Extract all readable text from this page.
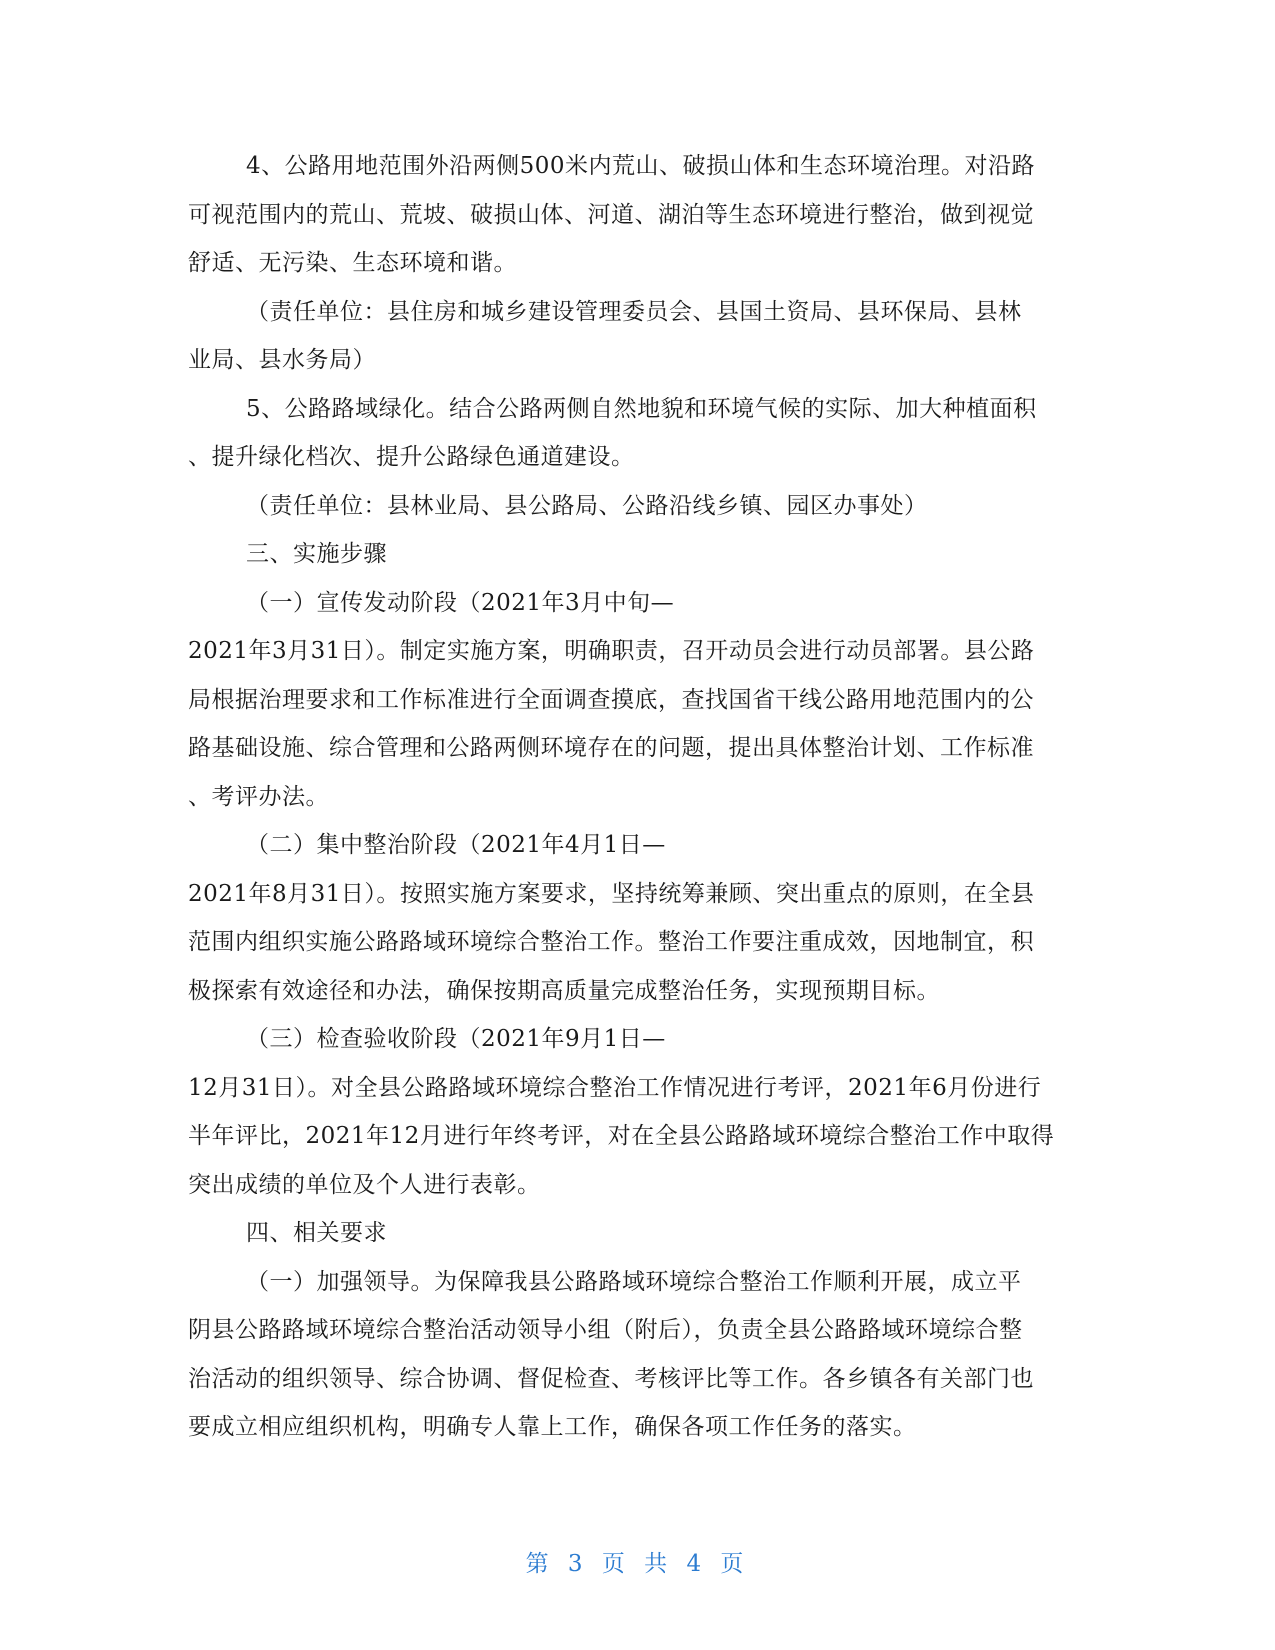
4、公路用地范围外沿两侧500米内荒山、破损山体和生态环境治理。对沿路
可视范围内的荒山、荒坡、破损山体、河道、湖泊等生态环境进行整治，做到视觉
舒适、无污染、生态环境和谐。
（责任单位：县住房和城乡建设管理委员会、县国土资局、县环保局、县林
业局、县水务局）
5、公路路域绿化。结合公路两侧自然地貌和环境气候的实际、加大种植面积
、提升绿化档次、提升公路绿色通道建设。
（责任单位：县林业局、县公路局、公路沿线乡镇、园区办事处）
三、实施步骤
（一）宣传发动阶段（2021年3月中旬—
2021年3月31日）。制定实施方案，明确职责，召开动员会进行动员部署。县公路
局根据治理要求和工作标准进行全面调查摸底，查找国省干线公路用地范围内的公
路基础设施、综合管理和公路两侧环境存在的问题，提出具体整治计划、工作标准
、考评办法。
（二）集中整治阶段（2021年4月1日—
2021年8月31日）。按照实施方案要求，坚持统筹兼顾、突出重点的原则，在全县
范围内组织实施公路路域环境综合整治工作。整治工作要注重成效，因地制宜，积
极探索有效途径和办法，确保按期高质量完成整治任务，实现预期目标。
（三）检查验收阶段（2021年9月1日—
12月31日）。对全县公路路域环境综合整治工作情况进行考评，2021年6月份进行
半年评比，2021年12月进行年终考评，对在全县公路路域环境综合整治工作中取得
突出成绩的单位及个人进行表彰。
四、相关要求
（一）加强领导。为保障我县公路路域环境综合整治工作顺利开展，成立平
阴县公路路域环境综合整治活动领导小组（附后），负责全县公路路域环境综合整
治活动的组织领导、综合协调、督促检查、考核评比等工作。各乡镇各有关部门也
要成立相应组织机构，明确专人靠上工作，确保各项工作任务的落实。
第 3 页 共 4 页
